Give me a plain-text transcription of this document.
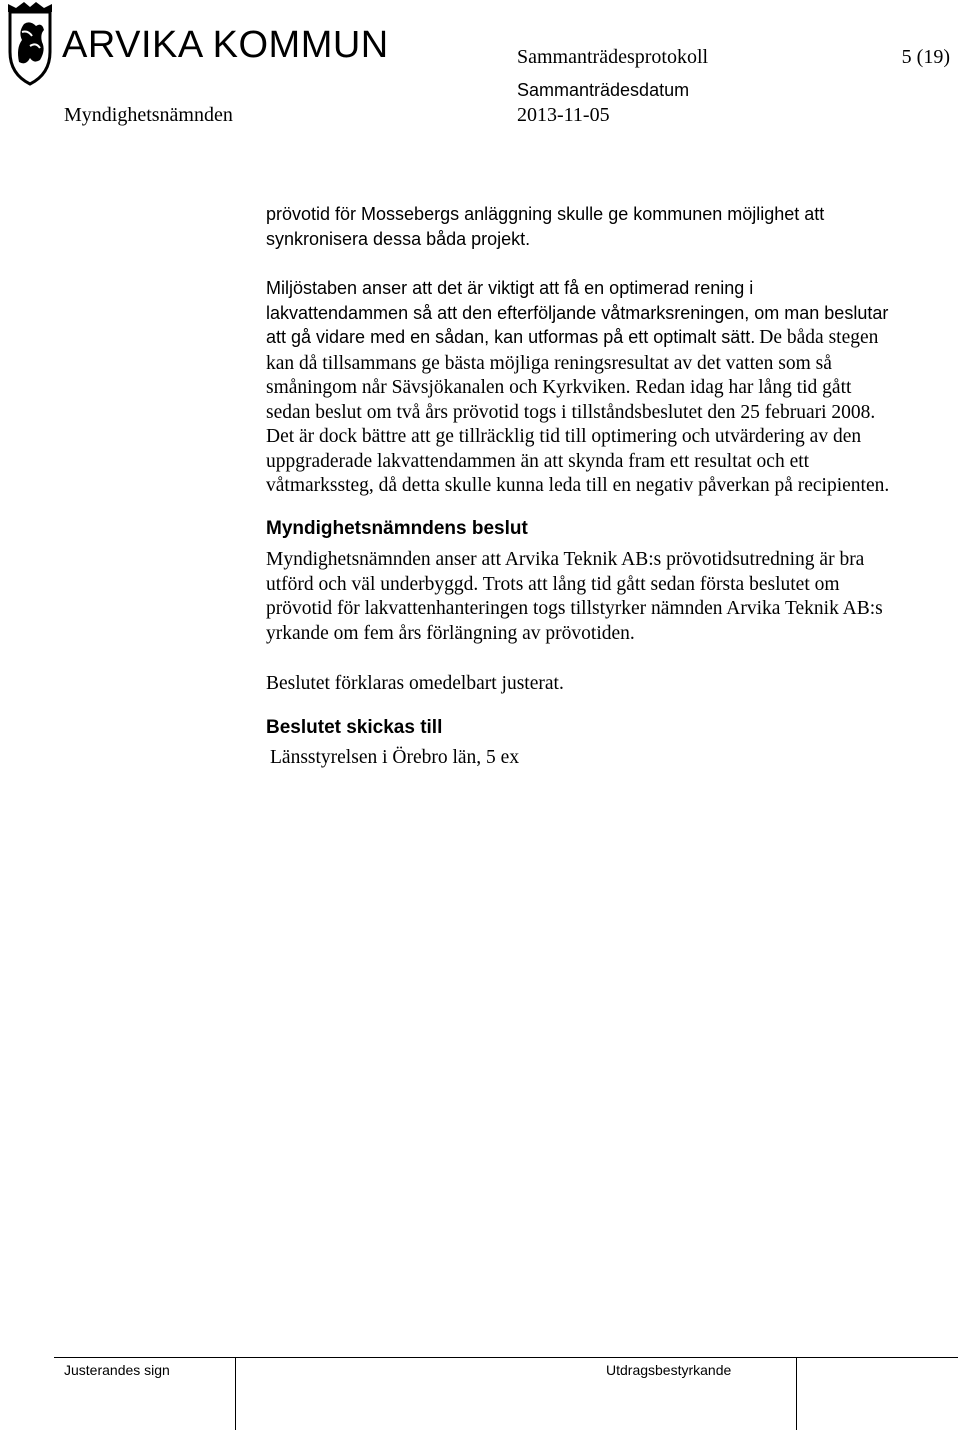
ARVIKA KOMMUN	Sammanträdesprotokoll	5 (19)
Sammanträdesdatum
Myndighetsnämnden	2013-11-05
prövotid för Mossebergs anläggning skulle ge kommunen möjlighet att
synkronisera dessa båda projekt.
Miljöstaben anser att det är viktigt att få en optimerad rening i
lakvattendammen så att den efterföljande våtmarksreningen, om man beslutar
att gå vidare med en sådan, kan utformas på ett optimalt sätt. De båda stegen
kan då tillsammans ge bästa möjliga reningsresultat av det vatten som så
småningom når Sävsjökanalen och Kyrkviken. Redan idag har lång tid gått
sedan beslut om två års prövotid togs i tillståndsbeslutet den 25 februari 2008.
Det är dock bättre att ge tillräcklig tid till optimering och utvärdering av den
uppgraderade lakvattendammen än att skynda fram ett resultat och ett
våtmarkssteg, då detta skulle kunna leda till en negativ påverkan på recipienten.
Myndighetsnämndens beslut
Myndighetsnämnden anser att Arvika Teknik AB:s prövotidsutredning är bra
utförd och väl underbyggd. Trots att lång tid gått sedan första beslutet om
prövotid för lakvattenhanteringen togs tillstyrker nämnden Arvika Teknik AB:s
yrkande om fem års förlängning av prövotiden.
Beslutet förklaras omedelbart justerat.
Beslutet skickas till
Länsstyrelsen i Örebro län, 5 ex
Justerandes sign	Utdragsbestyrkande
